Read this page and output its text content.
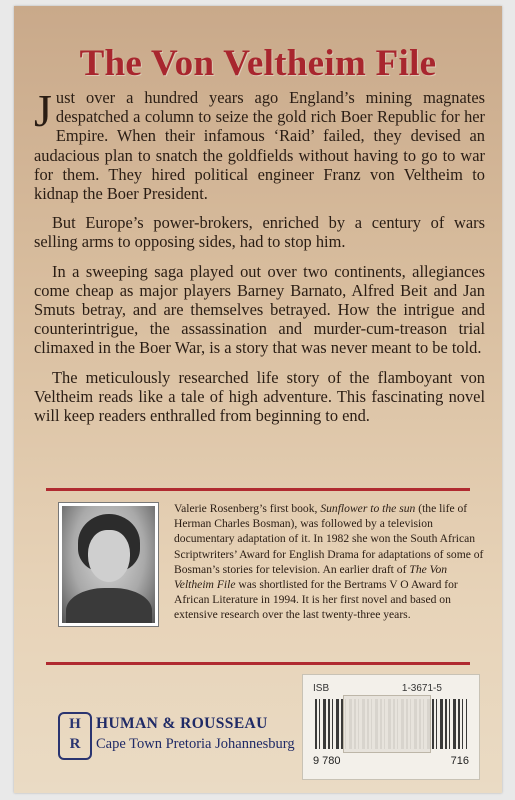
The Von Veltheim File

Just over a hundred years ago England’s mining magnates despatched a column to seize the gold rich Boer Republic for her Empire. When their infamous ‘Raid’ failed, they devised an audacious plan to snatch the goldfields without having to go to war for them. They hired political engineer Franz von Veltheim to kidnap the Boer President.

But Europe’s power-brokers, enriched by a century of wars selling arms to opposing sides, had to stop him.

In a sweeping saga played out over two continents, allegiances come cheap as major players Barney Barnato, Alfred Beit and Jan Smuts betray, and are themselves betrayed. How the intrigue and counterintrigue, the assassination and murder-cum-treason trial climaxed in the Boer War, is a story that was never meant to be told.

The meticulously researched life story of the flamboyant von Veltheim reads like a tale of high adventure. This fascinating novel will keep readers enthralled from beginning to end.

Valerie Rosenberg’s first book, Sunflower to the sun (the life of Herman Charles Bosman), was followed by a television documentary adaptation of it. In 1982 she won the South African Scriptwriters’ Award for English Drama for adaptations of some of Bosman’s stories for television. An earlier draft of The Von Veltheim File was shortlisted for the Bertrams V O Award for African Literature in 1994. It is her first novel and based on extensive research over the last twenty-three years.
H
R
HUMAN & ROUSSEAU
Cape Town Pretoria Johannesburg
ISB	1-3671-5
9 780	716
